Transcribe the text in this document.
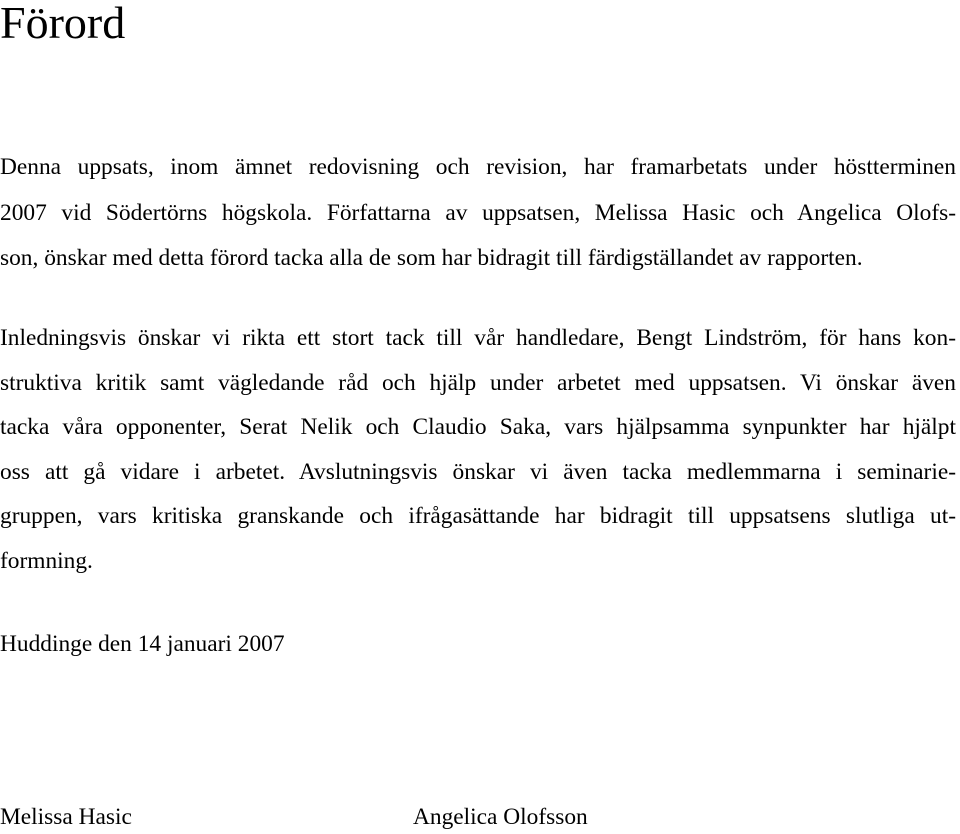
Förord

Denna uppsats, inom ämnet redovisning och revision, har framarbetats under höstterminen
2007 vid Södertörns högskola. Författarna av uppsatsen, Melissa Hasic och Angelica Olofs-
son, önskar med detta förord tacka alla de som har bidragit till färdigställandet av rapporten.

Inledningsvis önskar vi rikta ett stort tack till vår handledare, Bengt Lindström, för hans kon-
struktiva kritik samt vägledande råd och hjälp under arbetet med uppsatsen. Vi önskar även
tacka våra opponenter, Serat Nelik och Claudio Saka, vars hjälpsamma synpunkter har hjälpt
oss att gå vidare i arbetet. Avslutningsvis önskar vi även tacka medlemmarna i seminarie-
gruppen, vars kritiska granskande och ifrågasättande har bidragit till uppsatsens slutliga ut-
formning.

Huddinge den 14 januari 2007

Melissa Hasic	Angelica Olofsson
